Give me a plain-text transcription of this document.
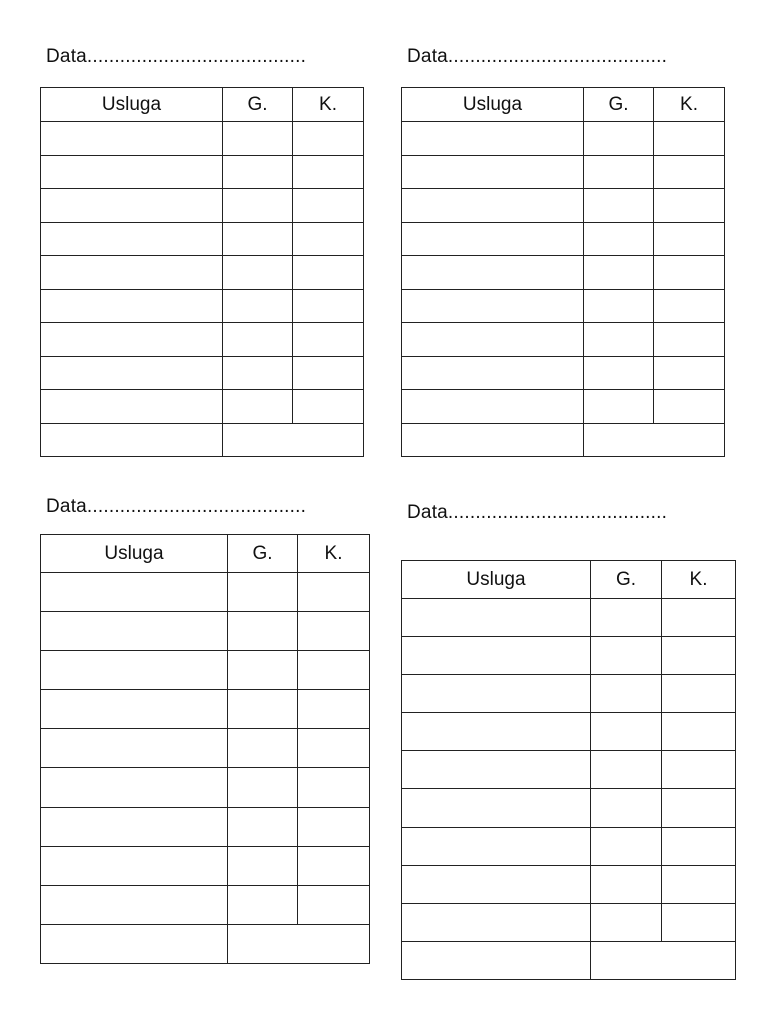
Data........................................
Usluga	G.	K.

Data........................................
Usluga	G.	K.

Data........................................
Usluga	G.	K.

Data........................................
Usluga	G.	K.
